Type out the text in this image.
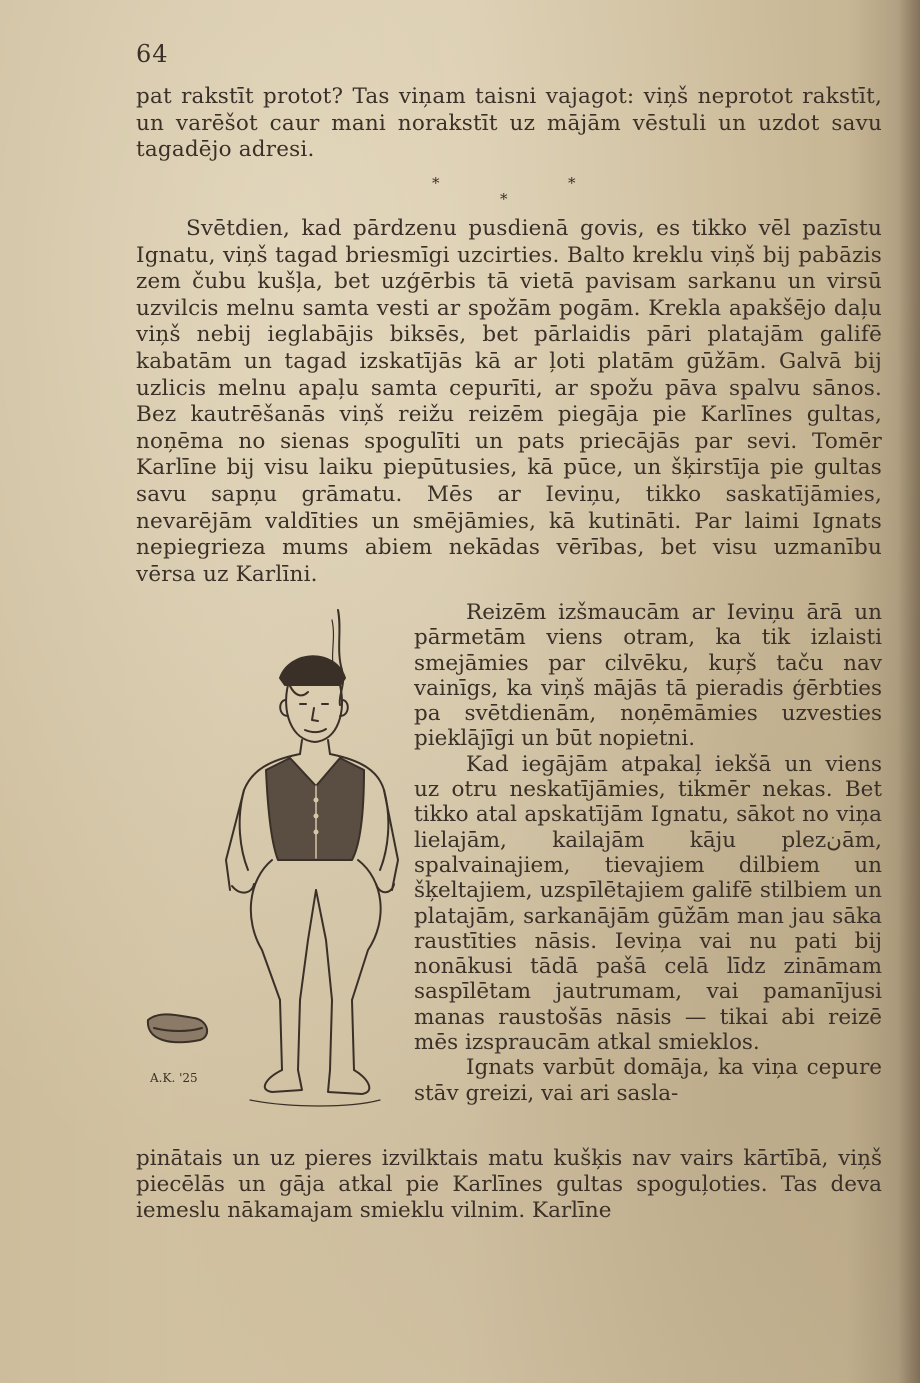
64

pat rakstīt protot? Tas viņam taisni vajagot: viņš neprotot rakstīt, un varēšot caur mani norakstīt uz mājām vēstuli un uzdot savu tagadējo adresi.

*	*
*

Svētdien, kad pārdzenu pusdienā govis, es tikko vēl pazīstu Ignatu, viņš tagad briesmīgi uzcirties. Balto kreklu viņš bij pabāzis zem čubu kušļa, bet uzģērbis tā vietā pavisam sarkanu un virsū uzvilcis melnu samta vesti ar spožām pogām. Krekla apakšējo daļu viņš nebij ieglabājis biksēs, bet pārlaidis pāri platajām galifē kabatām un tagad izskatījās kā ar ļoti platām gūžām. Galvā bij uzlicis melnu apaļu samta cepurīti, ar spožu pāva spalvu sānos. Bez kautrēšanās viņš reižu reizēm piegāja pie Karlīnes gultas, noņēma no sienas spogulīti un pats priecājās par sevi. Tomēr Karlīne bij visu laiku piepūtusies, kā pūce, un šķirstīja pie gultas savu sapņu grāmatu. Mēs ar Ieviņu, tikko saskatījāmies, nevarējām valdīties un smējāmies, kā kutināti. Par laimi Ignats nepiegrieza mums abiem nekādas vērības, bet visu uzmanību vērsa uz Karlīni.

A.K. '25

Reizēm izšmaucām ar Ieviņu ārā un pārmetām viens otram, ka tik izlaisti smejāmies par cilvēku, kuŗš taču nav vainīgs, ka viņš mājās tā pieradis ģērbties pa svētdienām, noņēmāmies uzvesties pieklājīgi un būt nopietni.

Kad iegājām atpakaļ iekšā un viens uz otru neskatījāmies, tikmēr nekas. Bet tikko atal apskatījām Ignatu, sākot no viņa lielajām, kailajām kāju plezنām, spalvainajiem, tievajiem dilbiem un šķeltajiem, uzspīlētajiem galifē stilbiem un platajām, sarkanājām gūžām man jau sāka raustīties nāsis. Ieviņa vai nu pati bij nonākusi tādā pašā celā līdz zināmam saspīlētam jautrumam, vai pamanījusi manas raustošās nāsis — tikai abi reizē mēs izspraucām atkal smieklos.

Ignats varbūt domāja, ka viņa cepure stāv greizi, vai ari sasla-

pinātais un uz pieres izvilktais matu kušķis nav vairs kārtībā, viņš piecēlās un gāja atkal pie Karlīnes gultas spoguļoties. Tas deva iemeslu nākamajam smieklu vilnim. Karlīne
